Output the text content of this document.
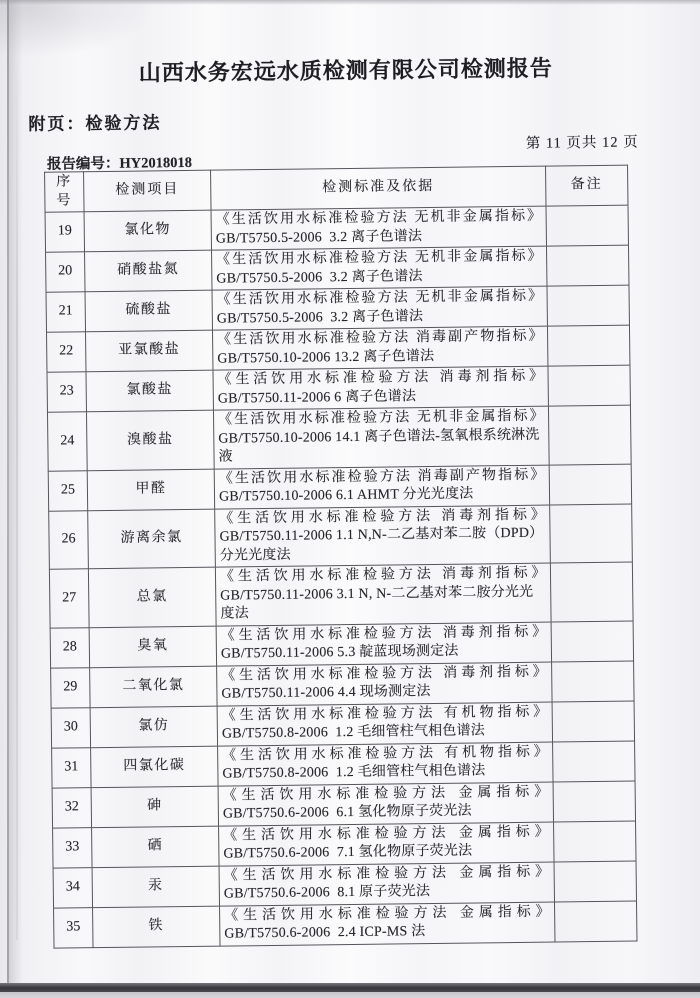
山西水务宏远水质检测有限公司检测报告
附页：检验方法
第 11 页共 12 页
报告编号：HY2018018
序号	检测项目	检测标准及依据	备注
19	氯化物	《生活饮用水标准检验方法 无机非金属指标》
GB/T5750.5-2006  3.2 离子色谱法	

20	硝酸盐氮	《生活饮用水标准检验方法 无机非金属指标》
GB/T5750.5-2006  3.2 离子色谱法	

21	硫酸盐	《生活饮用水标准检验方法 无机非金属指标》
GB/T5750.5-2006  3.2 离子色谱法	

22	亚氯酸盐	《生活饮用水标准检验方法 消毒副产物指标》
GB/T5750.10-2006 13.2 离子色谱法	

23	氯酸盐	《生活饮用水标准检验方法 消毒剂指标》
GB/T5750.11-2006 6 离子色谱法	

24	溴酸盐	《生活饮用水标准检验方法 无机非金属指标》
GB/T5750.10-2006 14.1 离子色谱法-氢氧根系统淋洗液	

25	甲醛	《生活饮用水标准检验方法 消毒副产物指标》
GB/T5750.10-2006 6.1 AHMT 分光光度法	

26	游离余氯	《生活饮用水标准检验方法 消毒剂指标》
GB/T5750.11-2006 1.1 N,N-二乙基对苯二胺（DPD）分光光度法	

27	总氯	《生活饮用水标准检验方法 消毒剂指标》
GB/T5750.11-2006 3.1 N, N-二乙基对苯二胺分光光度法	

28	臭氧	《生活饮用水标准检验方法 消毒剂指标》
GB/T5750.11-2006 5.3 靛蓝现场测定法	

29	二氧化氯	《生活饮用水标准检验方法 消毒剂指标》
GB/T5750.11-2006 4.4 现场测定法	

30	氯仿	《生活饮用水标准检验方法 有机物指标》
GB/T5750.8-2006  1.2 毛细管柱气相色谱法	

31	四氯化碳	《生活饮用水标准检验方法 有机物指标》
GB/T5750.8-2006  1.2 毛细管柱气相色谱法	

32	砷	《生活饮用水标准检验方法 金属指标》
GB/T5750.6-2006  6.1 氢化物原子荧光法	

33	硒	《生活饮用水标准检验方法 金属指标》
GB/T5750.6-2006  7.1 氢化物原子荧光法	

34	汞	《生活饮用水标准检验方法 金属指标》
GB/T5750.6-2006  8.1 原子荧光法	

35	铁	《生活饮用水标准检验方法 金属指标》
GB/T5750.6-2006  2.4 ICP-MS 法	
